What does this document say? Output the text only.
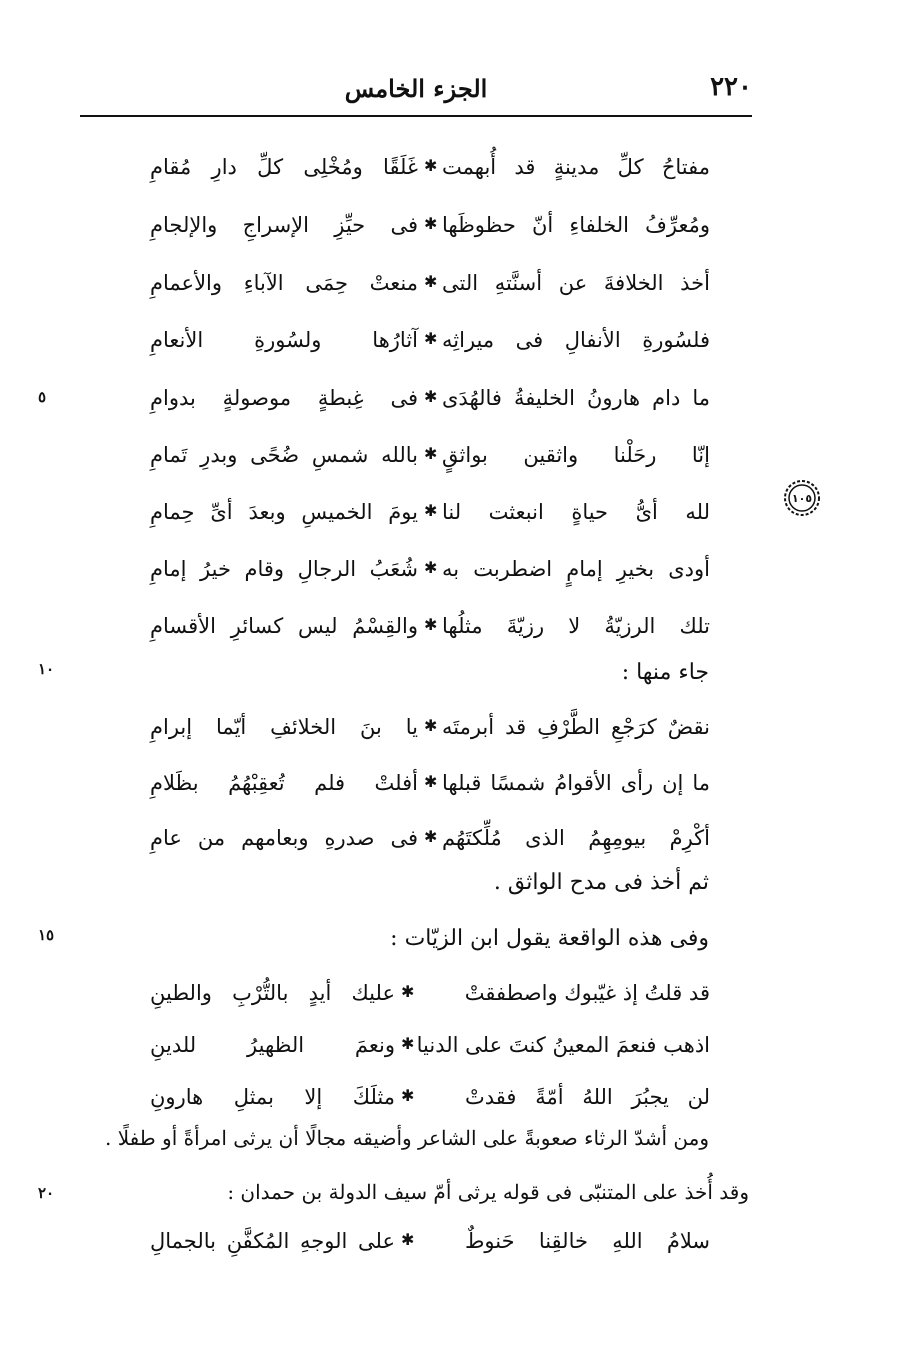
٢٢٠
الجزء الخامس
مفتاحُ كلِّ مدينةٍ قد أُبهمت
✱
غَلَقًا ومُخْلِى كلِّ دارِ مُقامِ
ومُعرِّفُ الخلفاءِ أنّ حظوظَها
✱
فى حيِّزِ الإسراجِ والإلجامِ
أخذ الخلافةَ عن أسنَّتهِ التى
✱
منعتْ حِمَى الآباءِ والأعمامِ
فلسُورةِ الأنفالِ فى ميراثِه
✱
آثارُها ولسُورةِ الأنعامِ
ما دام هارونُ الخليفةُ فالهُدَى
✱
فى غِبطةٍ موصولةٍ بدوامِ
إنّا رحَلْنا واثقين بواثقٍ
✱
بالله شمسِ ضُحًى وبدرِ تَمامِ
لله أىُّ حياةٍ انبعثت لنا
✱
يومَ الخميسِ وبعدَ أىِّ حِمامِ
أودى بخيرِ إمامٍ اضطربت به
✱
شُعَبُ الرجالِ وقام خيرُ إمامِ
تلك الرزيّةُ لا رزيّةَ مثلُها
✱
والقِسْمُ ليس كسائرِ الأقسامِ
جاء منها :
نقضٌ كرَجْعِ الطَّرْفِ قد أبرمتَه
✱
يا بنَ الخلائفِ أيّما إبرامِ
ما إن رأى الأقوامُ شمسًا قبلها
✱
أفلتْ فلم تُعقِبْهُمُ بظَلامِ
أكْرِمْ بيومِهِمُ الذى مُلِّكتَهُم
✱
فى صدرهِ وبعامهم من عامِ
ثم أخذ فى مدح الواثق .
وفى هذه الواقعة يقول ابن الزيّات :
قد قلتُ إذ غيّبوك واصطفقتْ
✱
عليك أيدٍ بالتُّرْبِ والطينِ
اذهب فنعمَ المعينُ كنتَ على الدنيا
✱
ونعمَ الظهيرُ للدينِ
لن يجبُرَ اللهُ أمّةً فقدتْ
✱
مثلَكَ إلا بمثلِ هارونِ
ومن أشدّ الرثاء صعوبةً على الشاعر وأضيقه مجالًا أن يرثى امرأةً أو طفلًا .
وقد أُخذ على المتنبّى فى قوله يرثى أمّ سيف الدولة بن حمدان :
سلامُ اللهِ خالقِنا حَنوطٌ
✱
على الوجهِ المُكفَّنِ بالجمالِ
٥
١٠
١٥
٢٠
١٠٥
